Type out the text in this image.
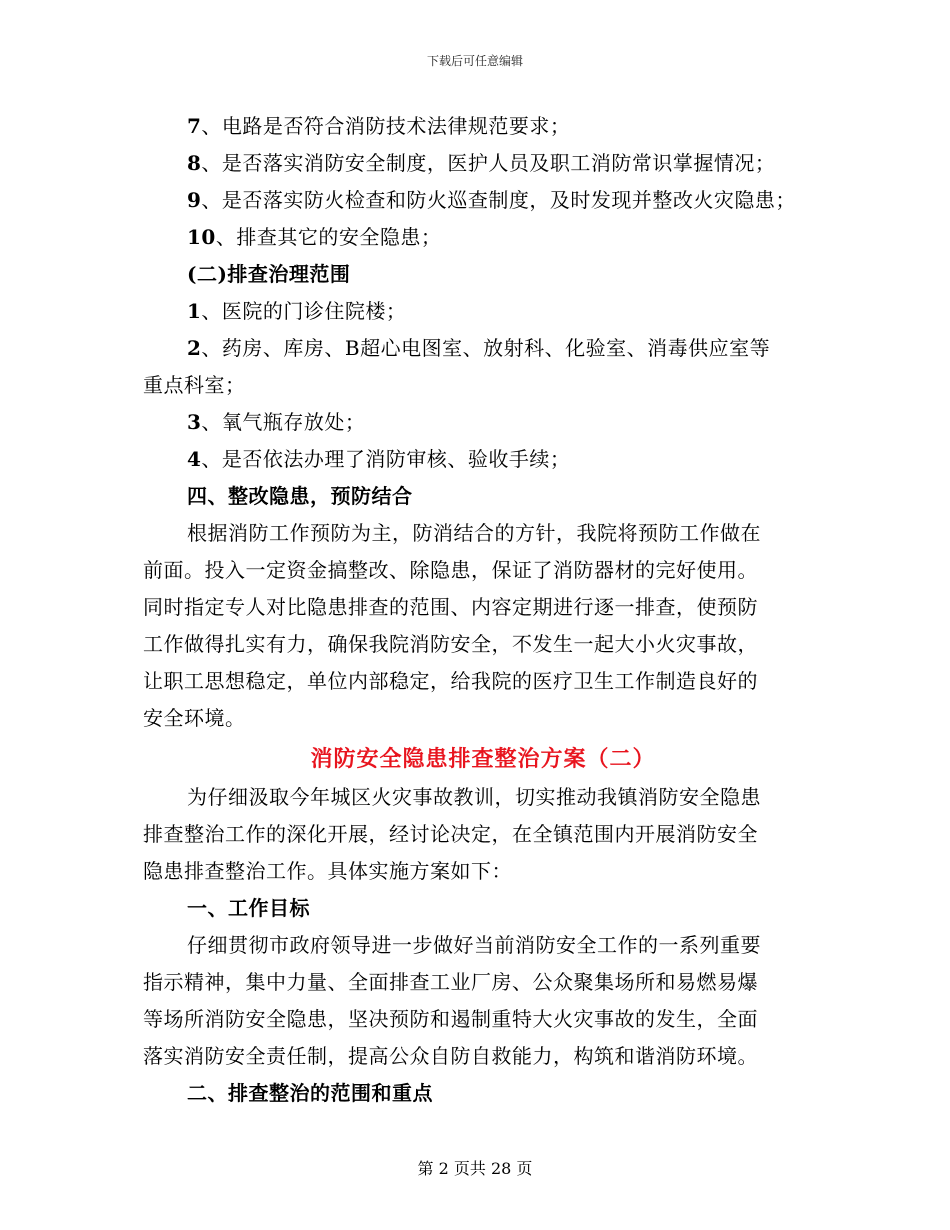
下载后可任意编辑
7、电路是否符合消防技术法律规范要求；
8、是否落实消防安全制度，医护人员及职工消防常识掌握情况；
9、是否落实防火检查和防火巡查制度，及时发现并整改火灾隐患；
10、排查其它的安全隐患；
(二)排查治理范围
1、医院的门诊住院楼；
2、药房、库房、B超心电图室、放射科、化验室、消毒供应室等
重点科室；
3、氧气瓶存放处；
4、是否依法办理了消防审核、验收手续；
四、整改隐患，预防结合
根据消防工作预防为主，防消结合的方针，我院将预防工作做在
前面。投入一定资金搞整改、除隐患，保证了消防器材的完好使用。
同时指定专人对比隐患排查的范围、内容定期进行逐一排查，使预防
工作做得扎实有力，确保我院消防安全，不发生一起大小火灾事故，
让职工思想稳定，单位内部稳定，给我院的医疗卫生工作制造良好的
安全环境。
消防安全隐患排查整治方案（二）
为仔细汲取今年城区火灾事故教训，切实推动我镇消防安全隐患
排查整治工作的深化开展，经讨论决定，在全镇范围内开展消防安全
隐患排查整治工作。具体实施方案如下：
一、工作目标
仔细贯彻市政府领导进一步做好当前消防安全工作的一系列重要
指示精神，集中力量、全面排查工业厂房、公众聚集场所和易燃易爆
等场所消防安全隐患，坚决预防和遏制重特大火灾事故的发生，全面
落实消防安全责任制，提高公众自防自救能力，构筑和谐消防环境。
二、排查整治的范围和重点
第 2 页共 28 页
